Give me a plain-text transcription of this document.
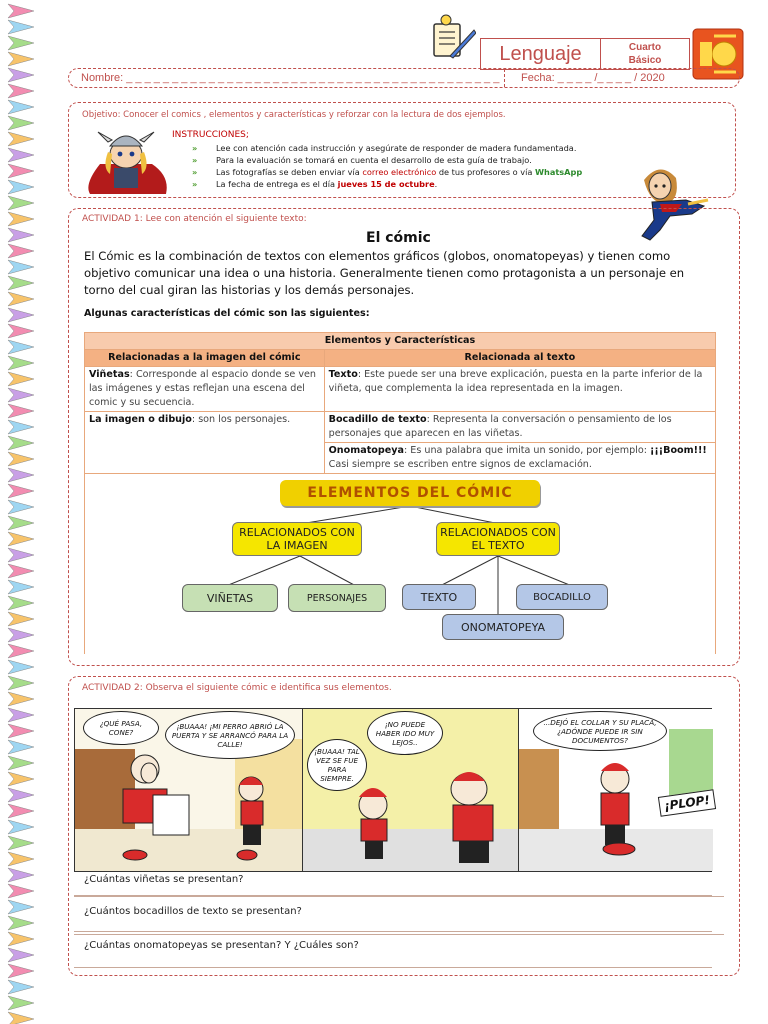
Lenguaje	Cuarto
Básico
Nombre: _ _ _ _ _ _ _ _ _ _ _ _ _ _ _ _ _ _ _ _ _ _ _ _ _ _ _ _ _ _ _ _ _ _ _ _ _ _ _ _ _	Fecha: _ _ _ _ /_ _ _ _ / 2020
Objetivo: Conocer el comics , elementos y características y reforzar con la lectura de dos ejemplos.
INSTRUCCIONES;
» Lee con atención cada instrucción y asegúrate de responder de madera fundamentada.
» Para la evaluación se tomará en cuenta el desarrollo de esta guía de trabajo.
» Las fotografías se deben enviar vía correo electrónico de tus profesores o vía WhatsApp
» La fecha de entrega es el día jueves 15 de octubre.
ACTIVIDAD 1: Lee con atención el siguiente texto:
El cómic
El Cómic es la combinación de textos con elementos gráficos (globos, onomatopeyas) y tienen como objetivo comunicar una idea o una historia. Generalmente tienen como protagonista a un personaje en torno del cual giran las historias y los demás personajes.
Algunas características del cómic son las siguientes:
Elementos y Características	
Relacionadas a la imagen del cómic	Relacionada al texto
Viñetas: Corresponde al espacio donde se ven las imágenes y estas reflejan una escena del comic y su secuencia.	Texto: Este puede ser una breve explicación, puesta en la parte inferior de la viñeta, que complementa la idea representada en la imagen.
La imagen o dibujo: son los personajes.	Bocadillo de texto: Representa la conversación o pensamiento de los personajes que aparecen en las viñetas.
	Onomatopeya: Es una palabra que imita un sonido, por ejemplo: ¡¡¡Boom!!! Casi siempre se escriben entre signos de exclamación.
ELEMENTOS DEL CÓMIC
RELACIONADOS CON LA IMAGEN
RELACIONADOS CON EL TEXTO
VIÑETAS	PERSONAJES	TEXTO	BOCADILLO
ONOMATOPEYA
ACTIVIDAD 2: Observa el siguiente cómic e identifica sus elementos.
¿QUÉ PASA, CONE?
¡BUAAA! ¡MI PERRO ABRIÓ LA PUERTA Y SE ARRANCÓ PARA LA CALLE!
¡BUAAA! TAL VEZ SE FUE PARA SIEMPRE.
¡NO PUEDE HABER IDO MUY LEJOS..
...DEJÓ EL COLLAR Y SU PLACA, ¿ADÓNDE PUEDE IR SIN DOCUMENTOS?
¡PLOP!
¿Cuántas viñetas se presentan?
¿Cuántos bocadillos de texto se presentan?
¿Cuántas onomatopeyas se presentan? Y ¿Cuáles son?
